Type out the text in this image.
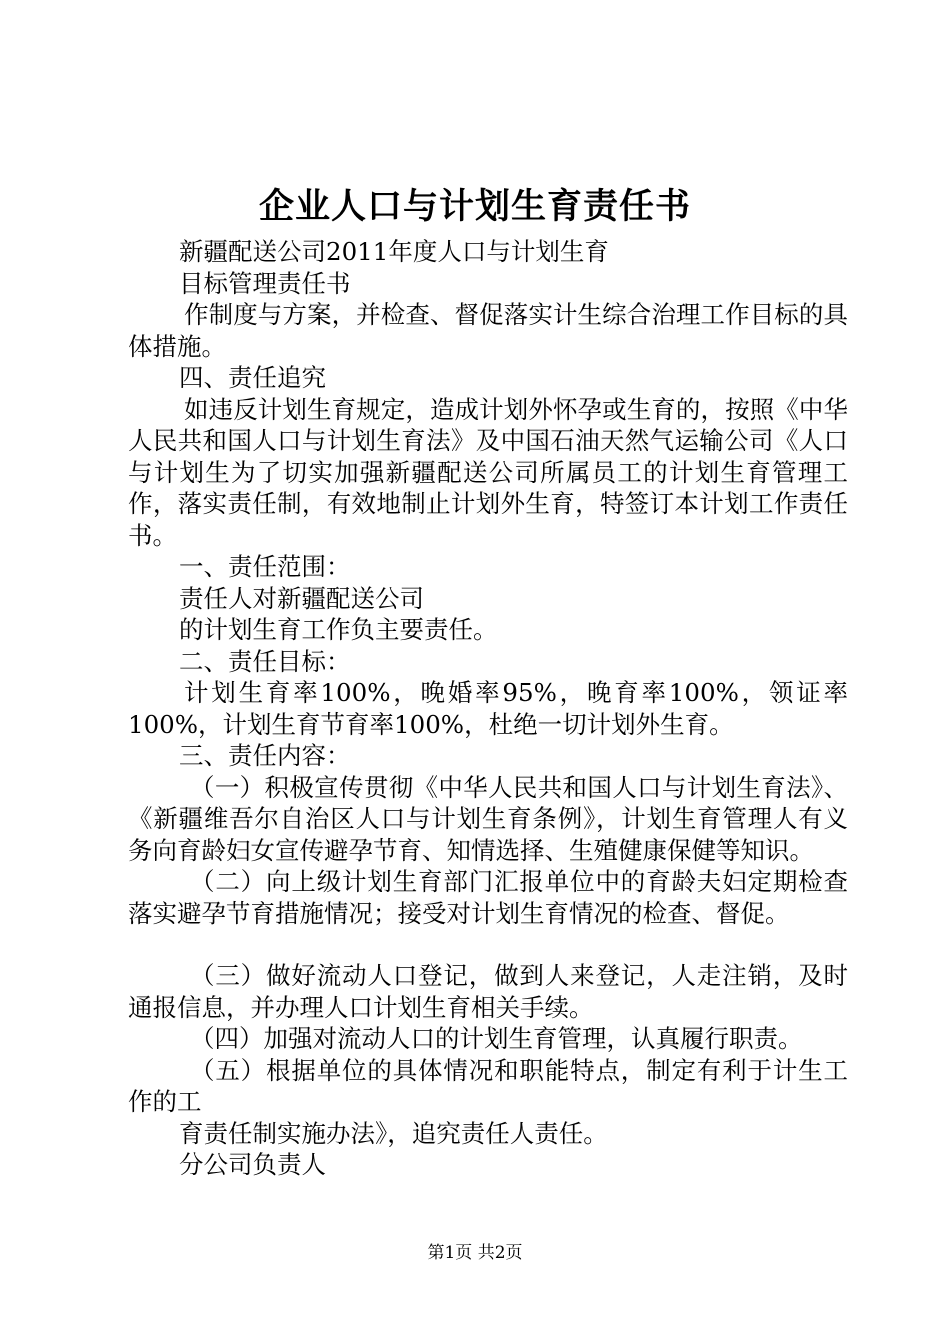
企业人口与计划生育责任书

新疆配送公司2011年度人口与计划生育

目标管理责任书

作制度与方案，并检查、督促落实计生综合治理工作目标的具体措施。

四、责任追究

如违反计划生育规定，造成计划外怀孕或生育的，按照《中华人民共和国人口与计划生育法》及中国石油天然气运输公司《人口与计划生为了切实加强新疆配送公司所属员工的计划生育管理工作，落实责任制，有效地制止计划外生育，特签订本计划工作责任书。

一、责任范围：

责任人对新疆配送公司

的计划生育工作负主要责任。

二、责任目标：

计划生育率100%，晚婚率95%，晚育率100%，领证率100%，计划生育节育率100%，杜绝一切计划外生育。

三、责任内容：

（一）积极宣传贯彻《中华人民共和国人口与计划生育法》、《新疆维吾尔自治区人口与计划生育条例》，计划生育管理人有义务向育龄妇女宣传避孕节育、知情选择、生殖健康保健等知识。

（二）向上级计划生育部门汇报单位中的育龄夫妇定期检查落实避孕节育措施情况；接受对计划生育情况的检查、督促。

（三）做好流动人口登记，做到人来登记，人走注销，及时通报信息，并办理人口计划生育相关手续。

（四）加强对流动人口的计划生育管理，认真履行职责。

（五）根据单位的具体情况和职能特点，制定有利于计生工作的工

育责任制实施办法》，追究责任人责任。

分公司负责人

第1页 共2页
